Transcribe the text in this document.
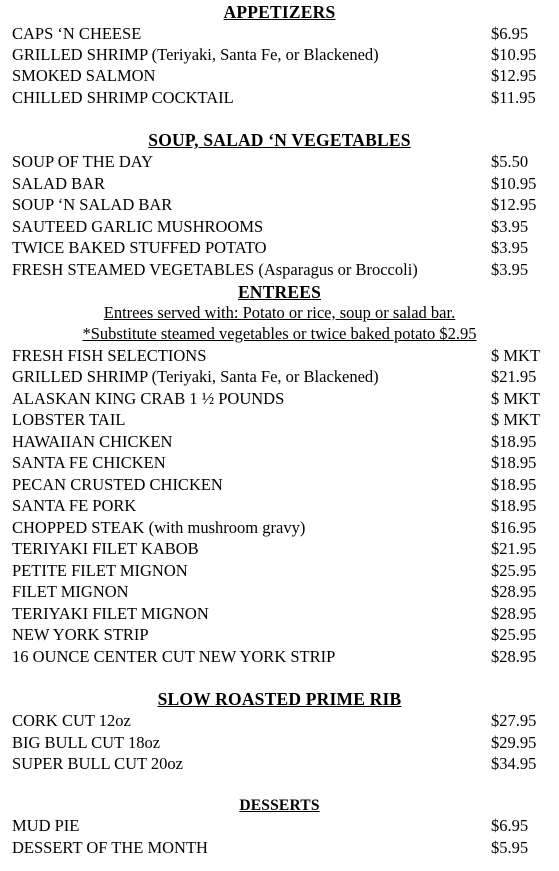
APPETIZERS
CAPS ‘N CHEESE	$6.95
GRILLED SHRIMP (Teriyaki, Santa Fe, or Blackened)	$10.95
SMOKED SALMON	$12.95
CHILLED SHRIMP COCKTAIL	$11.95
SOUP, SALAD ‘N VEGETABLES
SOUP OF THE DAY	$5.50
SALAD BAR	$10.95
SOUP ‘N SALAD BAR	$12.95
SAUTEED GARLIC MUSHROOMS	$3.95
TWICE BAKED STUFFED POTATO	$3.95
FRESH STEAMED VEGETABLES (Asparagus or Broccoli)	$3.95
ENTREES
Entrees served with: Potato or rice, soup or salad bar.
*Substitute steamed vegetables or twice baked potato $2.95
FRESH FISH SELECTIONS	$ MKT
GRILLED SHRIMP (Teriyaki, Santa Fe, or Blackened)	$21.95
ALASKAN KING CRAB 1 ½ POUNDS	$ MKT
LOBSTER TAIL	$ MKT
HAWAIIAN CHICKEN	$18.95
SANTA FE CHICKEN	$18.95
PECAN CRUSTED CHICKEN	$18.95
SANTA FE PORK	$18.95
CHOPPED STEAK (with mushroom gravy)	$16.95
TERIYAKI FILET KABOB	$21.95
PETITE FILET MIGNON	$25.95
FILET MIGNON	$28.95
TERIYAKI FILET MIGNON	$28.95
NEW YORK STRIP	$25.95
16 OUNCE CENTER CUT NEW YORK STRIP	$28.95
SLOW ROASTED PRIME RIB
CORK CUT 12oz	$27.95
BIG BULL CUT 18oz	$29.95
SUPER BULL CUT 20oz	$34.95
DESSERTS
MUD PIE	$6.95
DESSERT OF THE MONTH	$5.95
